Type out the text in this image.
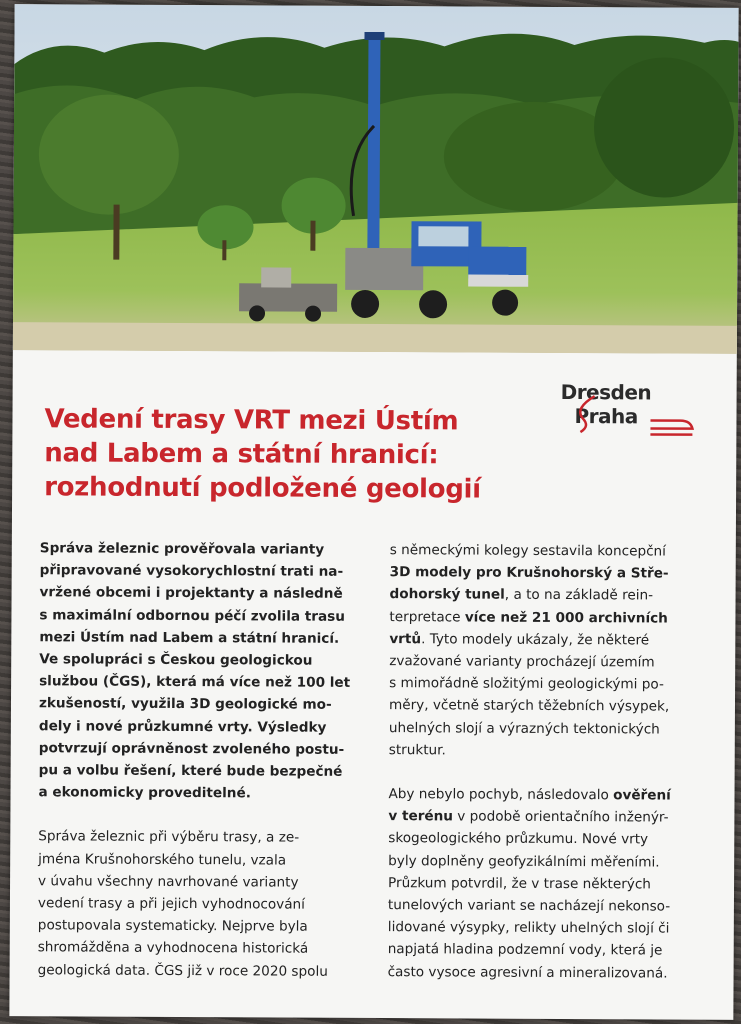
Dresden
Praha
Vedení trasy VRT mezi Ústím
nad Labem a státní hranicí:
rozhodnutí podložené geologií
Správa železnic prověřovala varianty
připravované vysokorychlostní trati na-
vržené obcemi i projektanty a následně
s maximální odbornou péčí zvolila trasu
mezi Ústím nad Labem a státní hranicí.
Ve spolupráci s Českou geologickou
službou (ČGS), která má více než 100 let
zkušeností, využila 3D geologické mo-
dely i nové průzkumné vrty. Výsledky
potvrzují oprávněnost zvoleného postu-
pu a volbu řešení, které bude bezpečné
a ekonomicky proveditelné.
Správa železnic při výběru trasy, a ze-
jména Krušnohorského tunelu, vzala
v úvahu všechny navrhované varianty
vedení trasy a při jejich vyhodnocování
postupovala systematicky. Nejprve byla
shromážděna a vyhodnocena historická
geologická data. ČGS již v roce 2020 spolu
s německými kolegy sestavila koncepční
3D modely pro Krušnohorský a Stře-
dohorský tunel, a to na základě rein-
terpretace více než 21 000 archivních
vrtů. Tyto modely ukázaly, že některé
zvažované varianty procházejí územím
s mimořádně složitými geologickými po-
měry, včetně starých těžebních výsypek,
uhelných slojí a výrazných tektonických
struktur.
Aby nebylo pochyb, následovalo ověření
v terénu v podobě orientačního inženýr-
skogeologického průzkumu. Nové vrty
byly doplněny geofyzikálními měřeními.
Průzkum potvrdil, že v trase některých
tunelových variant se nacházejí nekonso-
lidované výsypky, relikty uhelných slojí či
napjatá hladina podzemní vody, která je
často vysoce agresivní a mineralizovaná.
